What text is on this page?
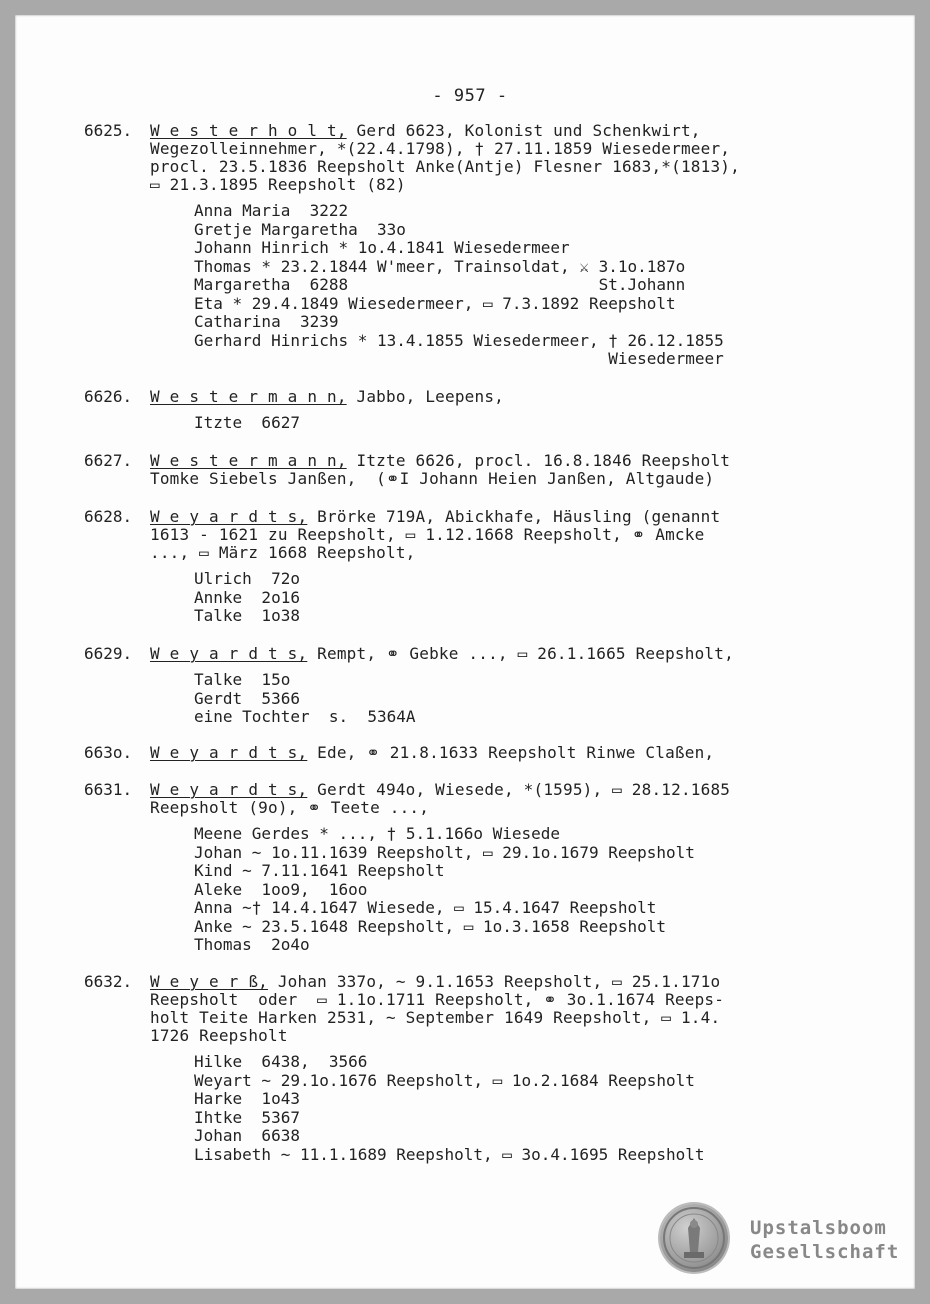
- 957 -
6625.	W e s t e r h o l t, Gerd 6623, Kolonist und Schenkwirt,
Wegezolleinnehmer, *(22.4.1798), † 27.11.1859 Wiesedermeer,
procl. 23.5.1836 Reepsholt Anke(Antje) Flesner 1683,*(1813),
▭ 21.3.1895 Reepsholt (82)
Anna Maria  3222
Gretje Margaretha  33o
Johann Hinrich * 1o.4.1841 Wiesedermeer
Thomas * 23.2.1844 W'meer, Trainsoldat, ⚔ 3.1o.187o
Margaretha  6288                          St.Johann
Eta * 29.4.1849 Wiesedermeer, ▭ 7.3.1892 Reepsholt
Catharina  3239
Gerhard Hinrichs * 13.4.1855 Wiesedermeer, † 26.12.1855
Wiesedermeer
6626.	W e s t e r m a n n, Jabbo, Leepens,
Itzte  6627
6627.	W e s t e r m a n n, Itzte 6626, procl. 16.8.1846 Reepsholt
Tomke Siebels Janßen,  (⚭I Johann Heien Janßen, Altgaude)
6628.	W e y a r d t s, Brörke 719A, Abickhafe, Häusling (genannt
1613 - 1621 zu Reepsholt, ▭ 1.12.1668 Reepsholt, ⚭ Amcke
..., ▭ März 1668 Reepsholt,
Ulrich  72o
Annke  2o16
Talke  1o38
6629.	W e y a r d t s, Rempt, ⚭ Gebke ..., ▭ 26.1.1665 Reepsholt,
Talke  15o
Gerdt  5366
eine Tochter  s.  5364A
663o.	W e y a r d t s, Ede, ⚭ 21.8.1633 Reepsholt Rinwe Claßen,
6631.	W e y a r d t s, Gerdt 494o, Wiesede, *(1595), ▭ 28.12.1685
Reepsholt (9o), ⚭ Teete ...,
Meene Gerdes * ..., † 5.1.166o Wiesede
Johan ~ 1o.11.1639 Reepsholt, ▭ 29.1o.1679 Reepsholt
Kind ~ 7.11.1641 Reepsholt
Aleke  1oo9,  16oo
Anna ~† 14.4.1647 Wiesede, ▭ 15.4.1647 Reepsholt
Anke ~ 23.5.1648 Reepsholt, ▭ 1o.3.1658 Reepsholt
Thomas  2o4o
6632.	W e y e r ß, Johan 337o, ~ 9.1.1653 Reepsholt, ▭ 25.1.171o
Reepsholt  oder  ▭ 1.1o.1711 Reepsholt, ⚭ 3o.1.1674 Reeps-
holt Teite Harken 2531, ~ September 1649 Reepsholt, ▭ 1.4.
1726 Reepsholt
Hilke  6438,  3566
Weyart ~ 29.1o.1676 Reepsholt, ▭ 1o.2.1684 Reepsholt
Harke  1o43
Ihtke  5367
Johan  6638
Lisabeth ~ 11.1.1689 Reepsholt, ▭ 3o.4.1695 Reepsholt
Upstalsboom
Gesellschaft
